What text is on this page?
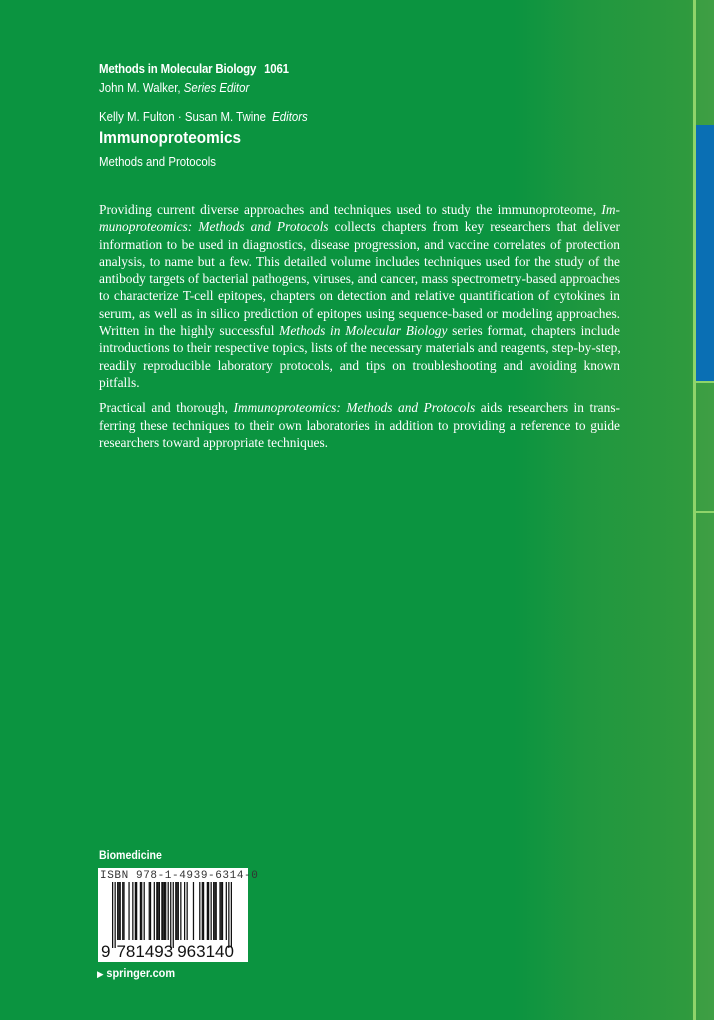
Methods in Molecular Biology 1061
John M. Walker, Series Editor
Kelly M. Fulton · Susan M. Twine Editors
Immunoproteomics
Methods and Protocols

Providing current diverse approaches and techniques used to study the immunoproteome, Im-
munoproteomics: Methods and Protocols collects chapters from key researchers that deliver
information to be used in diagnostics, disease progression, and vaccine correlates of protection
analysis, to name but a few. This detailed volume includes techniques used for the study of the
antibody targets of bacterial pathogens, viruses, and cancer, mass spectrometry-based approaches
to characterize T-cell epitopes, chapters on detection and relative quantification of cytokines in
serum, as well as in silico prediction of epitopes using sequence-based or modeling approaches.
Written in the highly successful Methods in Molecular Biology series format, chapters include
introductions to their respective topics, lists of the necessary materials and reagents, step-by-step,
readily reproducible laboratory protocols, and tips on troubleshooting and avoiding known
pitfalls.

Practical and thorough, Immunoproteomics: Methods and Protocols aids researchers in trans-
ferring these techniques to their own laboratories in addition to providing a reference to guide
researchers toward appropriate techniques.

Biomedicine
ISBN 978-1-4939-6314-0
9 781493 963140
▶ springer.com
